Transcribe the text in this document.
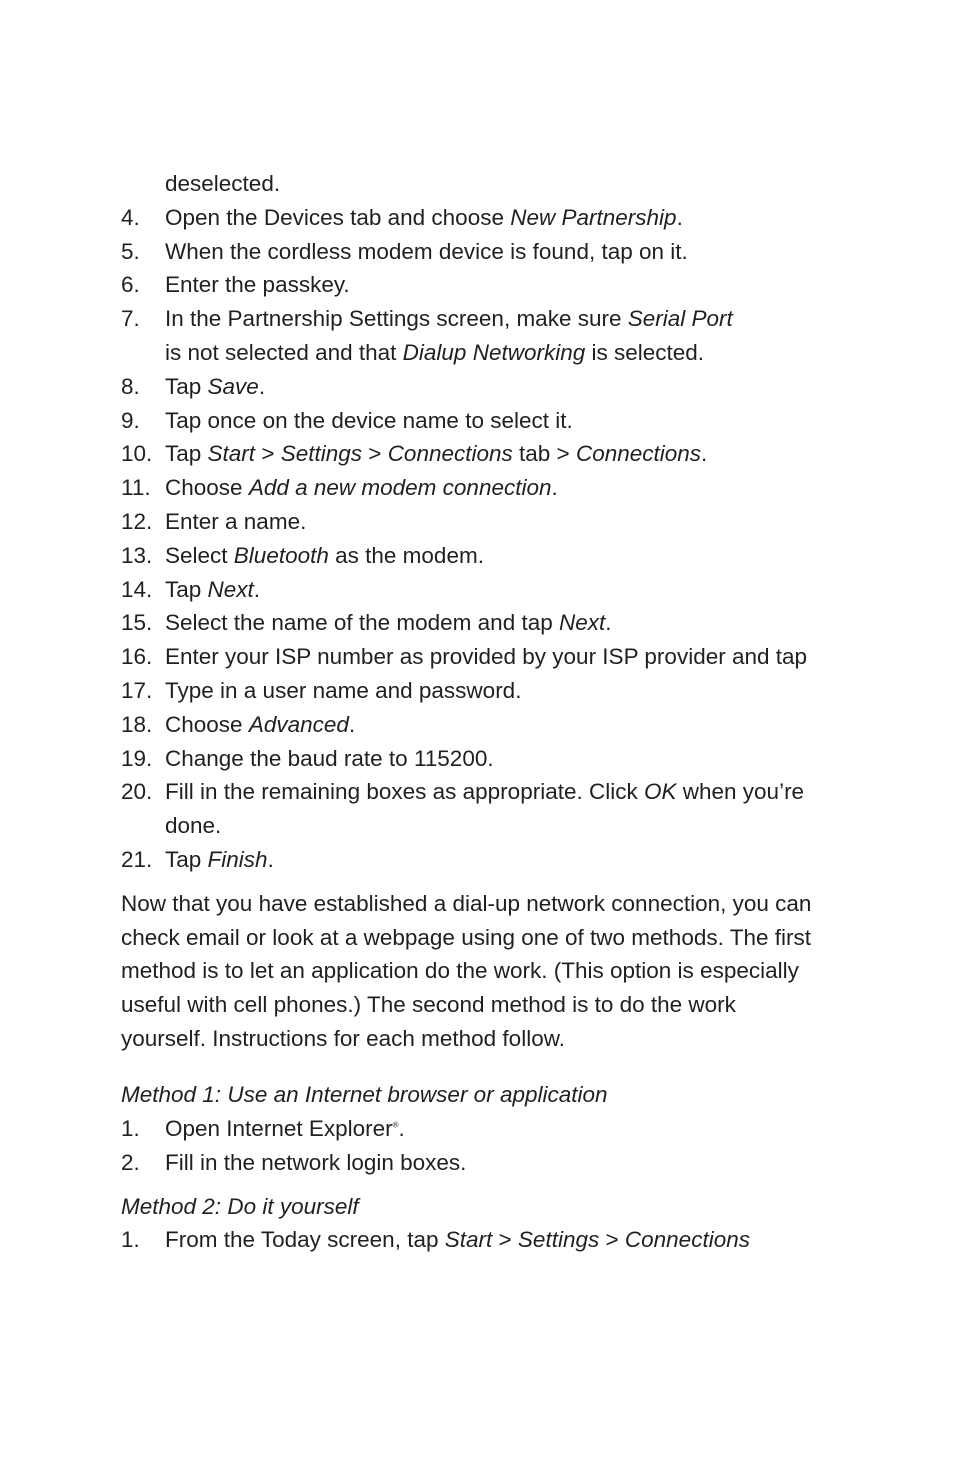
deselected.
4. Open the Devices tab and choose New Partnership.
5. When the cordless modem device is found, tap on it.
6. Enter the passkey.
7. In the Partnership Settings screen, make sure Serial Port
is not selected and that Dialup Networking is selected.
8. Tap Save.
9. Tap once on the device name to select it.
10. Tap Start > Settings > Connections tab > Connections.
11. Choose Add a new modem connection.
12. Enter a name.
13. Select Bluetooth as the modem.
14. Tap Next.
15. Select the name of the modem and tap Next.
16. Enter your ISP number as provided by your ISP provider and tap

17. Type in a user name and password.
18. Choose Advanced.
19. Change the baud rate to 115200.
20. Fill in the remaining boxes as appropriate. Click OK when you’re done.
21. Tap Finish.

Now that you have established a dial-up network connection, you can check email or look at a webpage using one of two methods. The first method is to let an application do the work. (This option is especially useful with cell phones.) The second method is to do the work yourself. Instructions for each method follow.

Method 1: Use an Internet browser or application
1. Open Internet Explorer®.
2. Fill in the network login boxes.
Method 2: Do it yourself
1. From the Today screen, tap Start > Settings > Connections
